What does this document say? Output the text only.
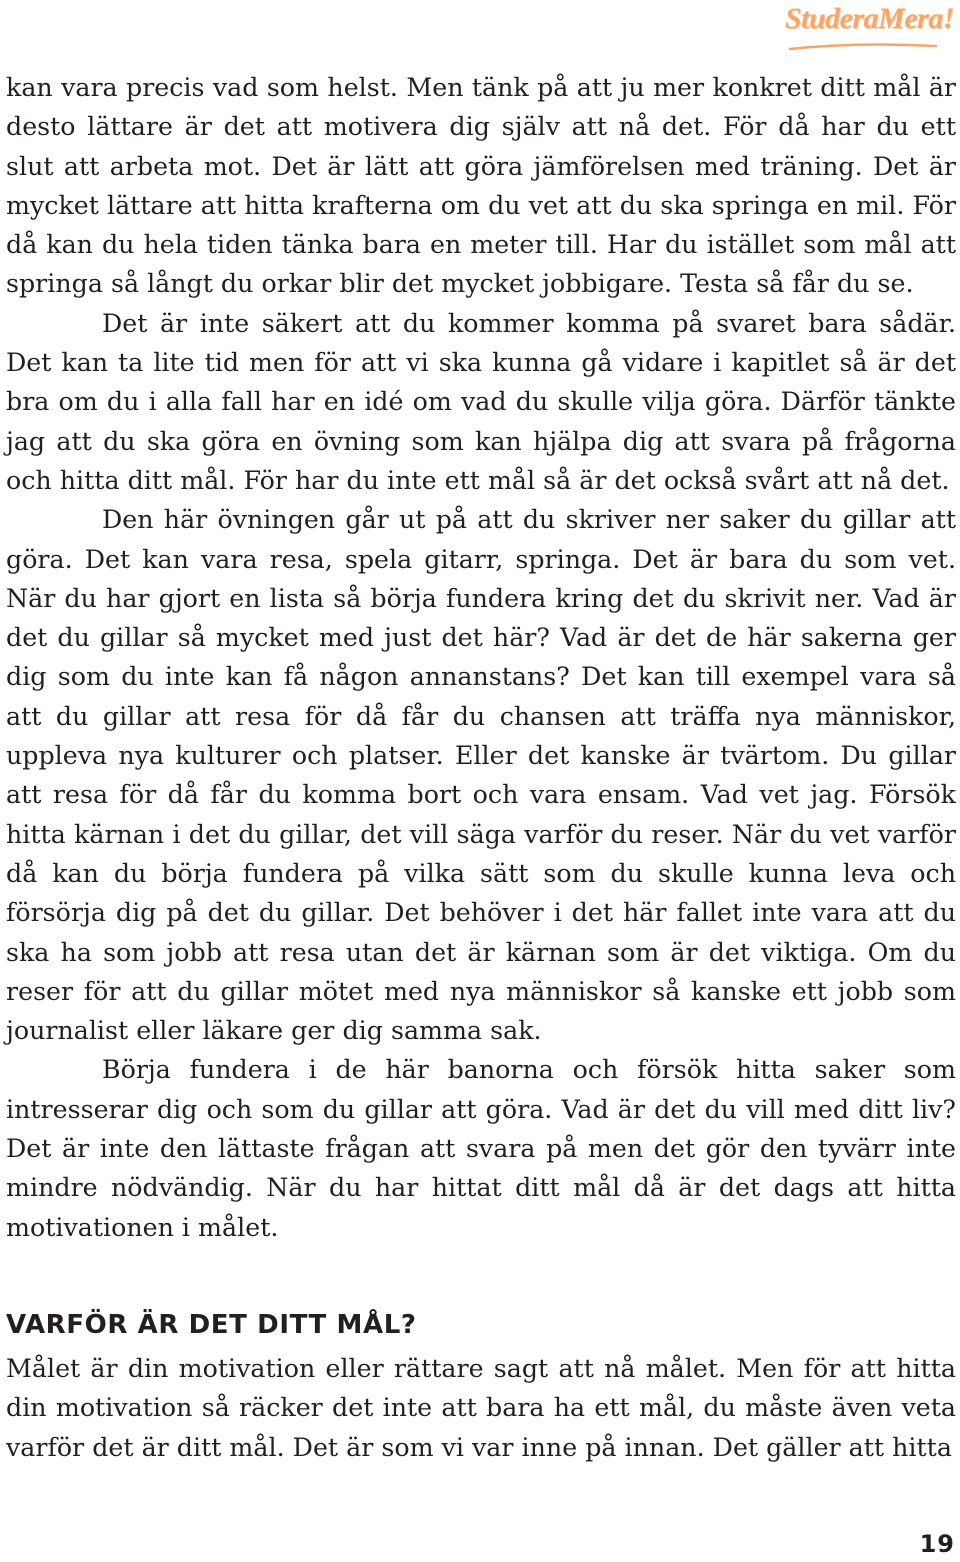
StuderaMera!

kan vara precis vad som helst. Men tänk på att ju mer konkret ditt mål är desto lättare är det att motivera dig själv att nå det. För då har du ett slut att arbeta mot. Det är lätt att göra jämförelsen med träning. Det är mycket lättare att hitta krafterna om du vet att du ska springa en mil. För då kan du hela tiden tänka bara en meter till. Har du istället som mål att springa så långt du orkar blir det mycket jobbigare. Testa så får du se.

Det är inte säkert att du kommer komma på svaret bara sådär. Det kan ta lite tid men för att vi ska kunna gå vidare i kapitlet så är det bra om du i alla fall har en idé om vad du skulle vilja göra. Därför tänkte jag att du ska göra en övning som kan hjälpa dig att svara på frågorna och hitta ditt mål. För har du inte ett mål så är det också svårt att nå det.

Den här övningen går ut på att du skriver ner saker du gillar att göra. Det kan vara resa, spela gitarr, springa. Det är bara du som vet. När du har gjort en lista så börja fundera kring det du skrivit ner. Vad är det du gillar så mycket med just det här? Vad är det de här sakerna ger dig som du inte kan få någon annanstans? Det kan till exempel vara så att du gillar att resa för då får du chansen att träffa nya människor, uppleva nya kulturer och platser. Eller det kanske är tvärtom. Du gillar att resa för då får du komma bort och vara ensam. Vad vet jag. Försök hitta kärnan i det du gillar, det vill säga varför du reser. När du vet varför då kan du börja fundera på vilka sätt som du skulle kunna leva och försörja dig på det du gillar. Det behöver i det här fallet inte vara att du ska ha som jobb att resa utan det är kärnan som är det viktiga. Om du reser för att du gillar mötet med nya människor så kanske ett jobb som journalist eller läkare ger dig samma sak.

Börja fundera i de här banorna och försök hitta saker som intresserar dig och som du gillar att göra. Vad är det du vill med ditt liv? Det är inte den lättaste frågan att svara på men det gör den tyvärr inte mindre nödvändig. När du har hittat ditt mål då är det dags att hitta motivationen i målet.

VARFÖR ÄR DET DITT MÅL?

Målet är din motivation eller rättare sagt att nå målet. Men för att hitta din motivation så räcker det inte att bara ha ett mål, du måste även veta varför det är ditt mål. Det är som vi var inne på innan. Det gäller att hitta

19
